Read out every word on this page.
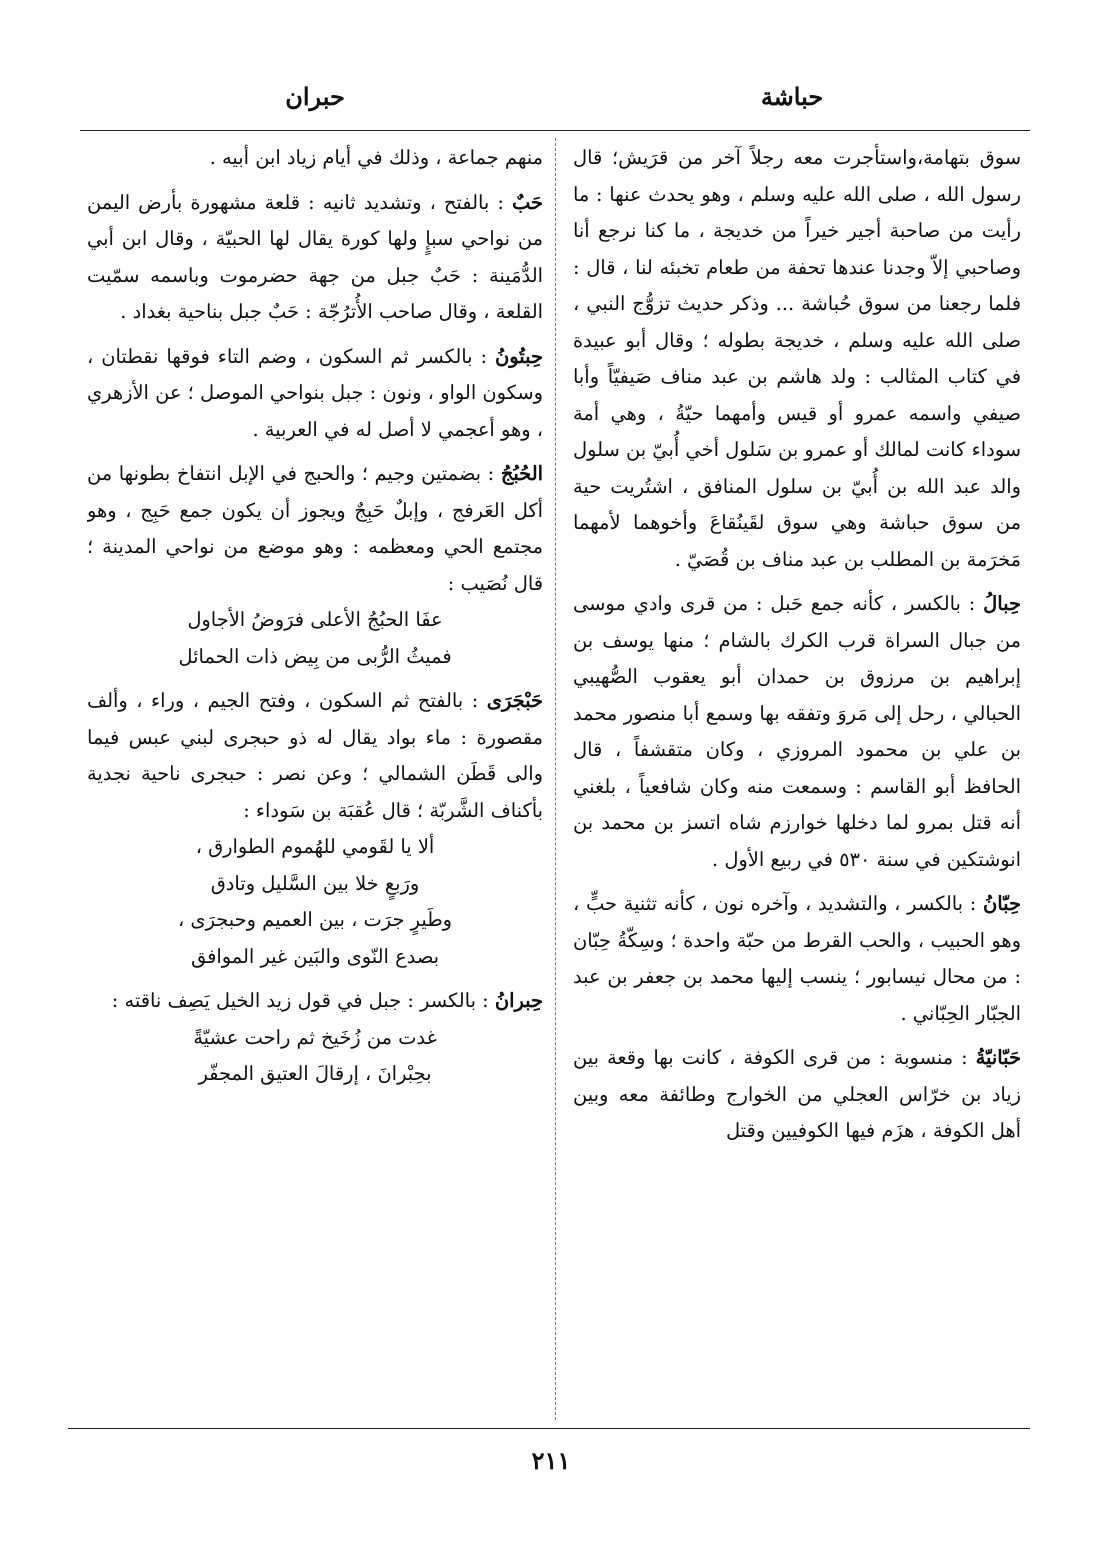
حباشة
حبران

سوق بتهامة،واستأجرت معه رجلاً آخر من قرَيش؛ قال رسول الله ، صلى الله عليه وسلم ، وهو يحدث عنها : ما رأيت من صاحبة أجير خيراً من خديجة ، ما كنا نرجع أنا وصاحبي إلاّ وجدنا عندها تحفة من طعام تخبئه لنا ، قال : فلما رجعنا من سوق حُباشة ... وذكر حديث تزوُّج النبي ، صلى الله عليه وسلم ، خديجة بطوله ؛ وقال أبو عبيدة في كتاب المثالب : ولد هاشم بن عبد مناف صَيفيّاً وأبا صيفي واسمه عمرو أو قيس وأمهما حيّةُ ، وهي أمة سوداء كانت لمالك أو عمرو بن سَلول أخي أُبيّ بن سلول والد عبد الله بن أُبيّ بن سلول المنافق ، اشتُريت حية من سوق حباشة وهي سوق لقَينُقاعَ وأخوهما لأمهما مَخرَمة بن المطلب بن عبد مناف بن قُصَيّ .

حِبالُ : بالكسر ، كأنه جمع حَبل : من قرى وادي موسى من جبال السراة قرب الكرك بالشام ؛ منها يوسف بن إبراهيم بن مرزوق بن حمدان أبو يعقوب الصُّهيبي الحبالي ، رحل إلى مَروَ وتفقه بها وسمع أبا منصور محمد بن علي بن محمود المروزي ، وكان متقشفاً ، قال الحافظ أبو القاسم : وسمعت منه وكان شافعياً ، بلغني أنه قتل بمرو لما دخلها خوارزم شاه اتسز بن محمد بن انوشتكين في سنة ٥٣٠ في ربيع الأول .

حِبّانُ : بالكسر ، والتشديد ، وآخره نون ، كأنه تثنية حبٍّ ، وهو الحبيب ، والحب القرط من حبّة واحدة ؛ وسِكّةُ حِبّان : من محال نيسابور ؛ ينسب إليها محمد بن جعفر بن عبد الجبّار الحِبّاني .

حَبّانيّةُ : منسوبة : من قرى الكوفة ، كانت بها وقعة بين زياد بن خرّاس العجلي من الخوارج وطائفة معه وبين أهل الكوفة ، هزَم فيها الكوفيين وقتل

منهم جماعة ، وذلك في أيام زياد ابن أبيه .

حَبٌ : بالفتح ، وتشديد ثانيه : قلعة مشهورة بأرض اليمن من نواحي سبإٍ ولها كورة يقال لها الحبيّة ، وقال ابن أبي الدُّمَينة : حَبٌ جبل من جهة حضرموت وباسمه سمّيت القلعة ، وقال صاحب الأُترُجّة : حَبٌ جبل بناحية بغداد .

حِبتُونُ : بالكسر ثم السكون ، وضم التاء فوقها نقطتان ، وسكون الواو ، ونون : جبل بنواحي الموصل ؛ عن الأزهري ، وهو أعجمي لا أصل له في العربية .

الحُبُجُ : بضمتين وجيم ؛ والحبج في الإبل انتفاخ بطونها من أكل العَرفج ، وإبلٌ حَبِجٌ ويجوز أن يكون جمع حَبِج ، وهو مجتمع الحي ومعظمه : وهو موضع من نواحي المدينة ؛ قال نُصَيب :

عفَا الحبُجُ الأعلى فرَوضُ الأجاول

فميثُ الرُّبى من بِيض ذات الحمائل

حَبْجَرَى : بالفتح ثم السكون ، وفتح الجيم ، وراء ، وألف مقصورة : ماء بواد يقال له ذو حبجرى لبني عبس فيما والى قَطَن الشمالي ؛ وعن نصر : حبجرى ناحية نجدية بأكناف الشَّربّة ؛ قال عُقبَة بن سَوداء :

ألا يا لقَومي للهُموم الطوارق ،

ورَبعٍ خلا بين السَّليل وتادق

وطَيرٍ جرَت ، بين العميم وحبجرَى ،

بصدع النّوى والبَين غير الموافق

حِبرانُ : بالكسر : جبل في قول زيد الخيل يَصِف ناقته :

غدت من زُخَيخ ثم راحت عشيّةً

بحِبْرانَ ، إرقالَ العتيق المجفّر

٢١١
